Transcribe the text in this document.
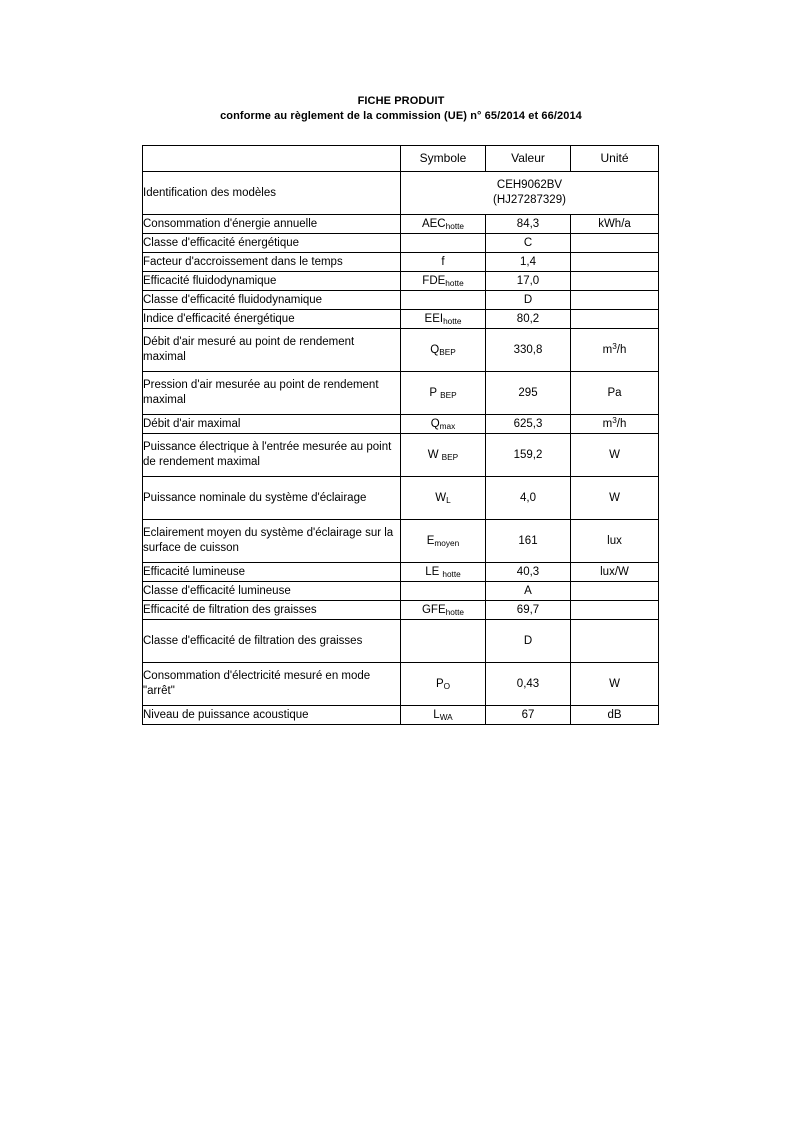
FICHE PRODUIT
conforme au règlement de la commission (UE) n° 65/2014 et 66/2014
	Symbole	Valeur	Unité
Identification des modèles	CEH9062BV
(HJ27287329)		

Consommation d'énergie annuelle	$AEC_{hotte}$	84,3	kWh/a
Classe d'efficacité énergétique		C	
Facteur d'accroissement dans le temps	f	1,4	
Efficacité fluidodynamique	$FDE_{hotte}$	17,0	
Classe d'efficacité fluidodynamique		D	
Indice d'efficacité énergétique	$EEI_{hotte}$	80,2	
Débit d'air mesuré au point de rendement maximal	$Q_{BEP}$	330,8	$m^3/h$
Pression d'air mesurée au point de rendement maximal	P $_{BEP}$	295	Pa
Débit d'air maximal	$Q_{max}$	625,3	$m^3/h$
Puissance électrique à l'entrée mesurée au point de rendement maximal	W $_{BEP}$	159,2	W
Puissance nominale du système d'éclairage	$W_L$	4,0	W
Eclairement moyen du système d'éclairage sur la surface de cuisson	$E_{moyen}$	161	lux
Efficacité lumineuse	LE $_{hotte}$	40,3	lux/W
Classe d'efficacité lumineuse		A	
Efficacité de filtration des graisses	$GFE_{hotte}$	69,7	
Classe d'efficacité de filtration des graisses		D	
Consommation d'électricité mesuré en mode "arrêt"	$P_O$	0,43	W
Niveau de puissance acoustique	$L_{WA}$	67	dB
